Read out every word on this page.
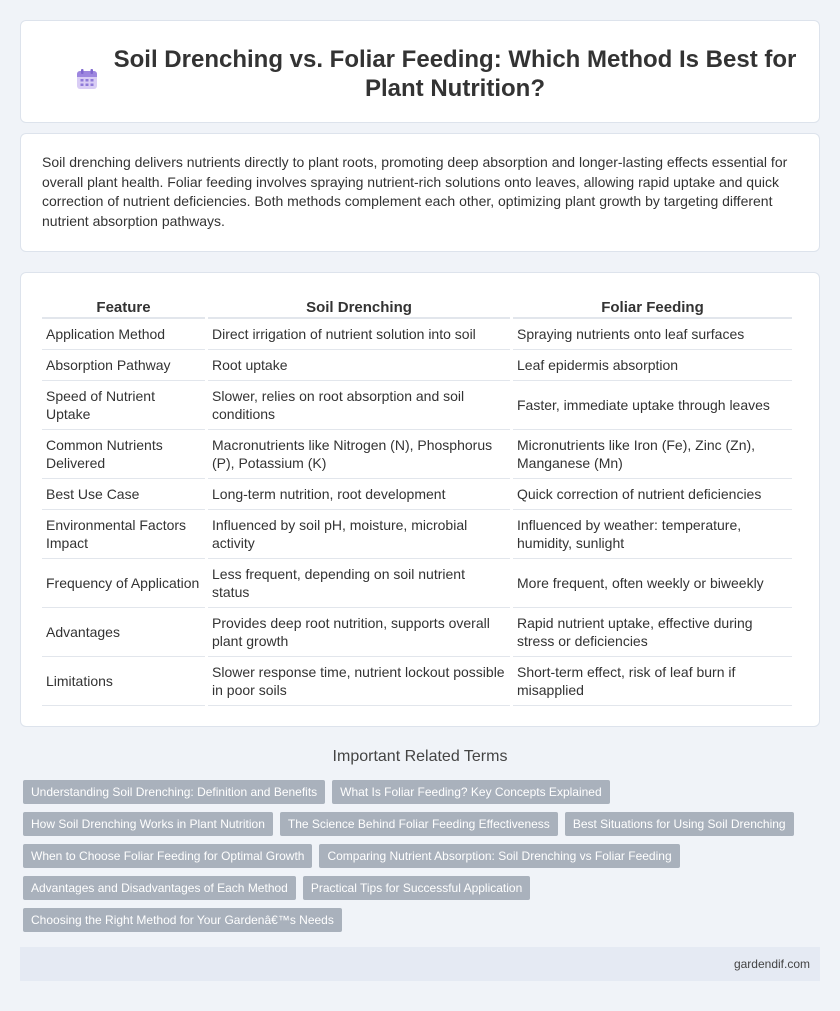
Soil Drenching vs. Foliar Feeding: Which Method Is Best for Plant Nutrition?

Soil drenching delivers nutrients directly to plant roots, promoting deep absorption and longer-lasting effects essential for overall plant health. Foliar feeding involves spraying nutrient-rich solutions onto leaves, allowing rapid uptake and quick correction of nutrient deficiencies. Both methods complement each other, optimizing plant growth by targeting different nutrient absorption pathways.

Feature	Soil Drenching	Foliar Feeding
Application Method	Direct irrigation of nutrient solution into soil	Spraying nutrients onto leaf surfaces
Absorption Pathway	Root uptake	Leaf epidermis absorption
Speed of Nutrient Uptake	Slower, relies on root absorption and soil conditions	Faster, immediate uptake through leaves
Common Nutrients Delivered	Macronutrients like Nitrogen (N), Phosphorus (P), Potassium (K)	Micronutrients like Iron (Fe), Zinc (Zn), Manganese (Mn)
Best Use Case	Long-term nutrition, root development	Quick correction of nutrient deficiencies
Environmental Factors Impact	Influenced by soil pH, moisture, microbial activity	Influenced by weather: temperature, humidity, sunlight
Frequency of Application	Less frequent, depending on soil nutrient status	More frequent, often weekly or biweekly
Advantages	Provides deep root nutrition, supports overall plant growth	Rapid nutrient uptake, effective during stress or deficiencies
Limitations	Slower response time, nutrient lockout possible in poor soils	Short-term effect, risk of leaf burn if misapplied
Important Related Terms
Understanding Soil Drenching: Definition and Benefits	What Is Foliar Feeding? Key Concepts Explained
How Soil Drenching Works in Plant Nutrition	The Science Behind Foliar Feeding Effectiveness	Best Situations for Using Soil Drenching
When to Choose Foliar Feeding for Optimal Growth	Comparing Nutrient Absorption: Soil Drenching vs Foliar Feeding
Advantages and Disadvantages of Each Method	Practical Tips for Successful Application
Choosing the Right Method for Your Gardenâ€™s Needs
gardendif.com
